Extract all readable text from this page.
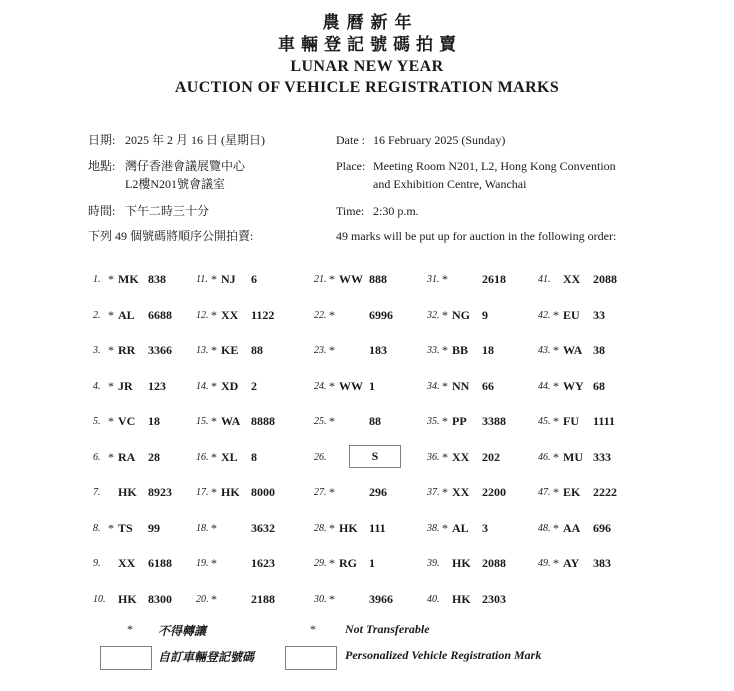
農曆新年
車輛登記號碼拍賣
LUNAR NEW YEAR
AUCTION OF VEHICLE REGISTRATION MARKS
日期: 2025 年 2 月 16 日 (星期日)
地點: 灣仔香港會議展覽中心
L2樓N201號會議室
時間: 下午二時三十分
下列 49 個號碼將順序公開拍賣:
Date : 16 February 2025 (Sunday)
Place: Meeting Room N201, L2, Hong Kong Convention
and Exhibition Centre, Wanchai
Time: 2:30 p.m.
49 marks will be put up for auction in the following order:
1. * MK 838
2. * AL	6688
3. * RR	3366
4. * JR	123
5. * VC	18
6. * RA	28
7.	HK 8923
8. * TS	99
9.	XX	6188
10. HK 8300
11. * NJ	6
12. * XX	1122
13. * KE	88
14. * XD	2
15. * WA 8888
16. * XL	8
17. * HK 8000
18. *	3632
19. *	1623
20. *	2188
21. * WW 888
22. *	6996
23. *	183
24. * WW 1
25. *	88
26.	S
27. *	296
28. * HK 111
29. * RG	1
30. *	3966
31. *	2618
32. * NG	9
33. * BB	18
34. * NN	66
35. * PP	3388
36. * XX	202
37. * XX	2200
38. * AL	3
39. HK 2088
40. HK 2303
41. XX	2088
42. * EU	33
43. * WA 38
44. * WY 68
45. * FU	1111
46. * MU 333
47. * EK	2222
48. * AA	696
49. * AY	383
* 不得轉讓	* Not Transferable
自訂車輛登記號碼	Personalized Vehicle Registration Mark
